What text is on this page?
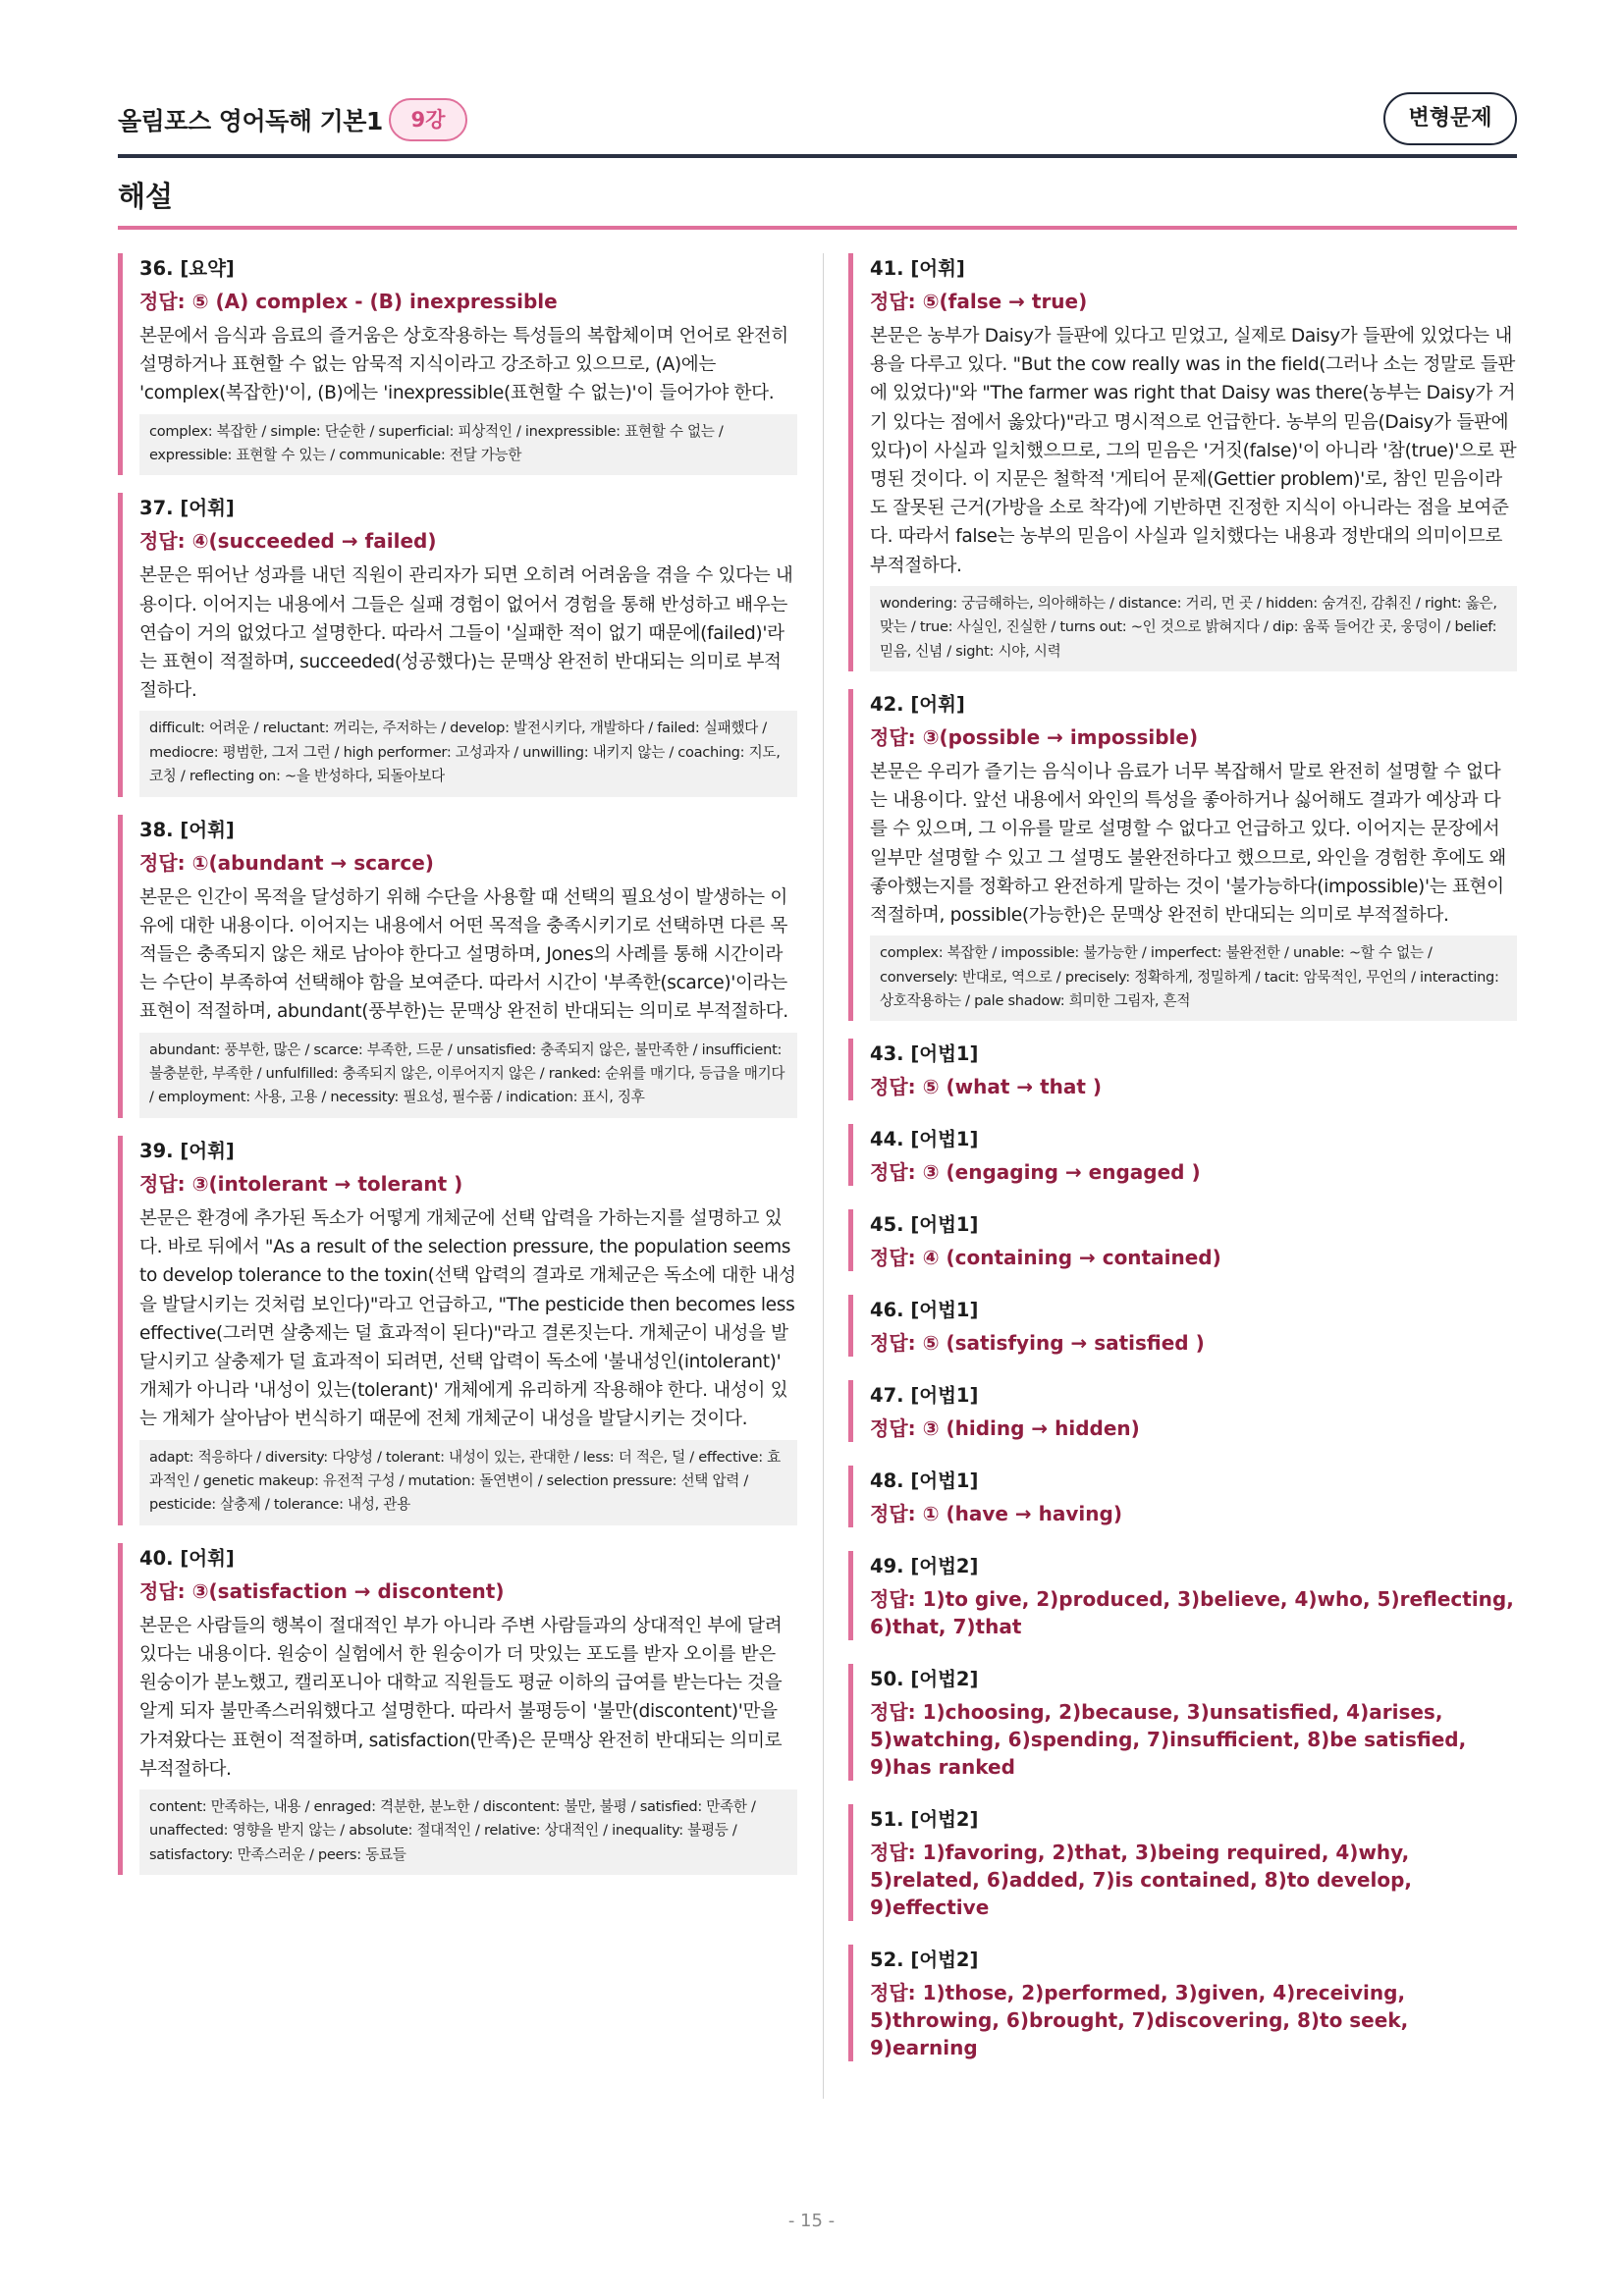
올림포스 영어독해 기본1	9강	변형문제
해설
36. [요약]
정답: ⑤ (A) complex - (B) inexpressible
본문에서 음식과 음료의 즐거움은 상호작용하는 특성들의 복합체이며 언어로 완전히 설명하거나 표현할 수 없는 암묵적 지식이라고 강조하고 있으므로, (A)에는 'complex(복잡한)'이, (B)에는 'inexpressible(표현할 수 없는)'이 들어가야 한다.
complex: 복잡한 / simple: 단순한 / superficial: 피상적인 / inexpressible: 표현할 수 없는 / expressible: 표현할 수 있는 / communicable: 전달 가능한
37. [어휘]
정답: ④(succeeded → failed)
본문은 뛰어난 성과를 내던 직원이 관리자가 되면 오히려 어려움을 겪을 수 있다는 내용이다. 이어지는 내용에서 그들은 실패 경험이 없어서 경험을 통해 반성하고 배우는 연습이 거의 없었다고 설명한다. 따라서 그들이 '실패한 적이 없기 때문에(failed)'라는 표현이 적절하며, succeeded(성공했다)는 문맥상 완전히 반대되는 의미로 부적절하다.
difficult: 어려운 / reluctant: 꺼리는, 주저하는 / develop: 발전시키다, 개발하다 / failed: 실패했다 / mediocre: 평범한, 그저 그런 / high performer: 고성과자 / unwilling: 내키지 않는 / coaching: 지도, 코칭 / reflecting on: ~을 반성하다, 되돌아보다
38. [어휘]
정답: ①(abundant → scarce)
본문은 인간이 목적을 달성하기 위해 수단을 사용할 때 선택의 필요성이 발생하는 이유에 대한 내용이다. 이어지는 내용에서 어떤 목적을 충족시키기로 선택하면 다른 목적들은 충족되지 않은 채로 남아야 한다고 설명하며, Jones의 사례를 통해 시간이라는 수단이 부족하여 선택해야 함을 보여준다. 따라서 시간이 '부족한(scarce)'이라는 표현이 적절하며, abundant(풍부한)는 문맥상 완전히 반대되는 의미로 부적절하다.
abundant: 풍부한, 많은 / scarce: 부족한, 드문 / unsatisfied: 충족되지 않은, 불만족한 / insufficient: 불충분한, 부족한 / unfulfilled: 충족되지 않은, 이루어지지 않은 / ranked: 순위를 매기다, 등급을 매기다 / employment: 사용, 고용 / necessity: 필요성, 필수품 / indication: 표시, 징후
39. [어휘]
정답: ③(intolerant → tolerant )
본문은 환경에 추가된 독소가 어떻게 개체군에 선택 압력을 가하는지를 설명하고 있다. 바로 뒤에서 "As a result of the selection pressure, the population seems to develop tolerance to the toxin(선택 압력의 결과로 개체군은 독소에 대한 내성을 발달시키는 것처럼 보인다)"라고 언급하고, "The pesticide then becomes less effective(그러면 살충제는 덜 효과적이 된다)"라고 결론짓는다. 개체군이 내성을 발달시키고 살충제가 덜 효과적이 되려면, 선택 압력이 독소에 '불내성인(intolerant)' 개체가 아니라 '내성이 있는(tolerant)' 개체에게 유리하게 작용해야 한다. 내성이 있는 개체가 살아남아 번식하기 때문에 전체 개체군이 내성을 발달시키는 것이다.
adapt: 적응하다 / diversity: 다양성 / tolerant: 내성이 있는, 관대한 / less: 더 적은, 덜 / effective: 효과적인 / genetic makeup: 유전적 구성 / mutation: 돌연변이 / selection pressure: 선택 압력 / pesticide: 살충제 / tolerance: 내성, 관용
40. [어휘]
정답: ③(satisfaction → discontent)
본문은 사람들의 행복이 절대적인 부가 아니라 주변 사람들과의 상대적인 부에 달려 있다는 내용이다. 원숭이 실험에서 한 원숭이가 더 맛있는 포도를 받자 오이를 받은 원숭이가 분노했고, 캘리포니아 대학교 직원들도 평균 이하의 급여를 받는다는 것을 알게 되자 불만족스러워했다고 설명한다. 따라서 불평등이 '불만(discontent)'만을 가져왔다는 표현이 적절하며, satisfaction(만족)은 문맥상 완전히 반대되는 의미로 부적절하다.
content: 만족하는, 내용 / enraged: 격분한, 분노한 / discontent: 불만, 불평 / satisfied: 만족한 / unaffected: 영향을 받지 않는 / absolute: 절대적인 / relative: 상대적인 / inequality: 불평등 / satisfactory: 만족스러운 / peers: 동료들
41. [어휘]
정답: ⑤(false → true)
본문은 농부가 Daisy가 들판에 있다고 믿었고, 실제로 Daisy가 들판에 있었다는 내용을 다루고 있다. "But the cow really was in the field(그러나 소는 정말로 들판에 있었다)"와 "The farmer was right that Daisy was there(농부는 Daisy가 거기 있다는 점에서 옳았다)"라고 명시적으로 언급한다. 농부의 믿음(Daisy가 들판에 있다)이 사실과 일치했으므로, 그의 믿음은 '거짓(false)'이 아니라 '참(true)'으로 판명된 것이다. 이 지문은 철학적 '게티어 문제(Gettier problem)'로, 참인 믿음이라도 잘못된 근거(가방을 소로 착각)에 기반하면 진정한 지식이 아니라는 점을 보여준다. 따라서 false는 농부의 믿음이 사실과 일치했다는 내용과 정반대의 의미이므로 부적절하다.
wondering: 궁금해하는, 의아해하는 / distance: 거리, 먼 곳 / hidden: 숨겨진, 감춰진 / right: 옳은, 맞는 / true: 사실인, 진실한 / turns out: ~인 것으로 밝혀지다 / dip: 움푹 들어간 곳, 웅덩이 / belief: 믿음, 신념 / sight: 시야, 시력
42. [어휘]
정답: ③(possible → impossible)
본문은 우리가 즐기는 음식이나 음료가 너무 복잡해서 말로 완전히 설명할 수 없다는 내용이다. 앞선 내용에서 와인의 특성을 좋아하거나 싫어해도 결과가 예상과 다를 수 있으며, 그 이유를 말로 설명할 수 없다고 언급하고 있다. 이어지는 문장에서 일부만 설명할 수 있고 그 설명도 불완전하다고 했으므로, 와인을 경험한 후에도 왜 좋아했는지를 정확하고 완전하게 말하는 것이 '불가능하다(impossible)'는 표현이 적절하며, possible(가능한)은 문맥상 완전히 반대되는 의미로 부적절하다.
complex: 복잡한 / impossible: 불가능한 / imperfect: 불완전한 / unable: ~할 수 없는 / conversely: 반대로, 역으로 / precisely: 정확하게, 정밀하게 / tacit: 암묵적인, 무언의 / interacting: 상호작용하는 / pale shadow: 희미한 그림자, 흔적
43. [어법1]
정답: ⑤ (what → that )
44. [어법1]
정답: ③ (engaging → engaged )
45. [어법1]
정답: ④ (containing → contained)
46. [어법1]
정답: ⑤ (satisfying → satisfied )
47. [어법1]
정답: ③ (hiding → hidden)
48. [어법1]
정답: ① (have → having)
49. [어법2]
정답: 1)to give, 2)produced, 3)believe, 4)who, 5)reflecting, 6)that, 7)that
50. [어법2]
정답: 1)choosing, 2)because, 3)unsatisfied, 4)arises, 5)watching, 6)spending, 7)insufficient, 8)be satisfied, 9)has ranked
51. [어법2]
정답: 1)favoring, 2)that, 3)being required, 4)why, 5)related, 6)added, 7)is contained, 8)to develop, 9)effective
52. [어법2]
정답: 1)those, 2)performed, 3)given, 4)receiving, 5)throwing, 6)brought, 7)discovering, 8)to seek, 9)earning
- 15 -
